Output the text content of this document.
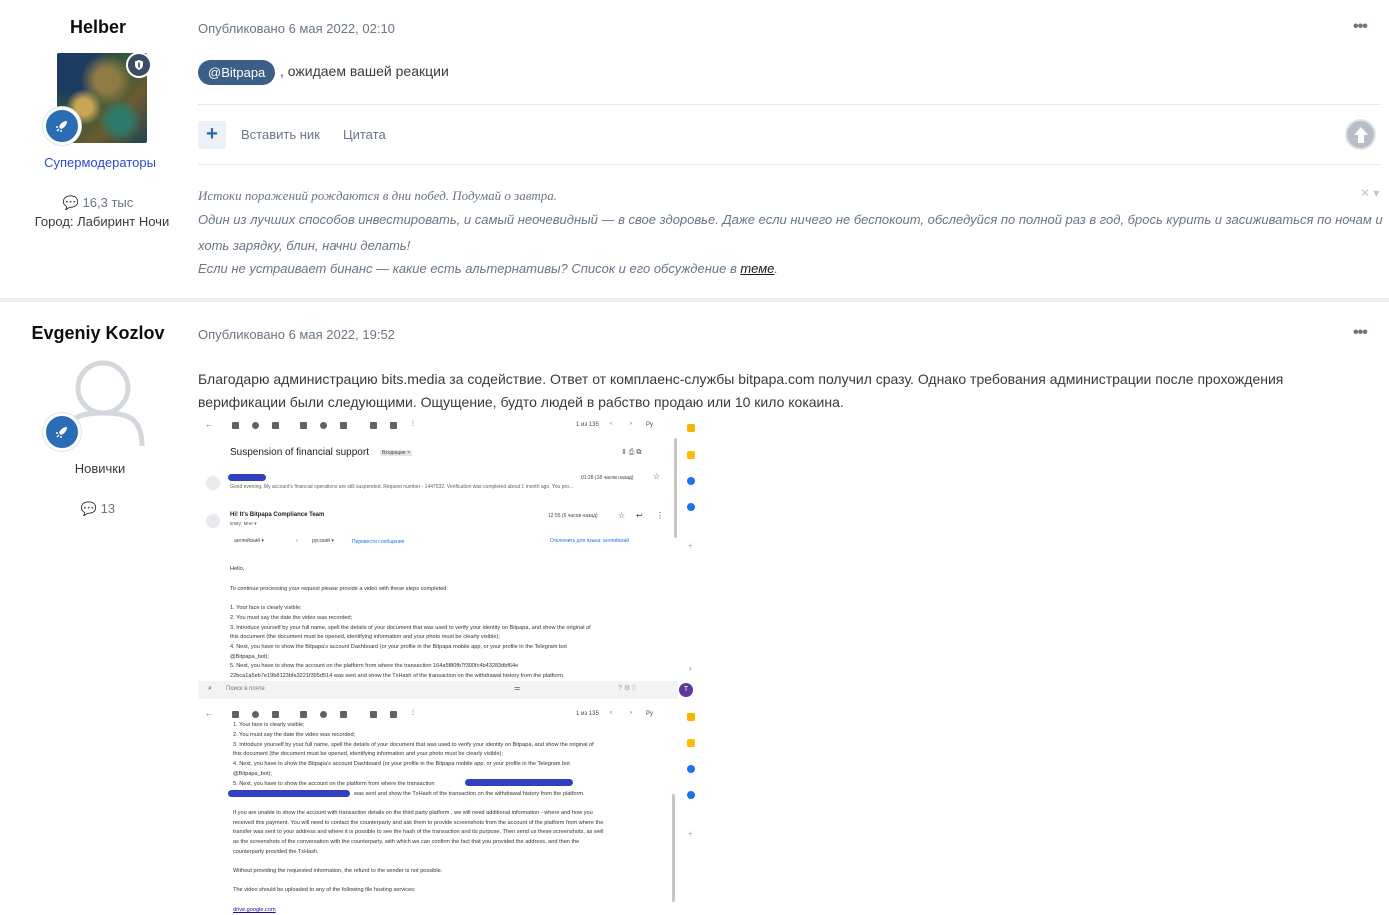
Helber
Супермодераторы
💬 16,3 тыс
Город: Лабиринт Ночи
Опубликовано 6 мая 2022, 02:10	•••
@Bitpapa	, ожидаем вашей реакции
+	Вставить ник Цитата
Истоки поражений рождаются в дни побед. Подумай о завтра.	✕ ▾
Один из лучших способов инвестировать, и самый неочевидный — в свое здоровье. Даже если ничего не беспокоит, обследуйся по полной раз в год, брось курить и засиживаться по ночам и
хоть зарядку, блин, начни делать!
Если не устраивает бинанс — какие есть альтернативы? Список и его обсуждение в теме.
Evgeniy Kozlov
Новички
💬 13
Опубликовано 6 мая 2022, 19:52	•••
Благодарю администрацию bits.media за содействие. Ответ от комплаенс-службы bitpapa.com получил сразу. Однако требования администрации после прохождения
верификации были следующими. Ощущение, будто людей в рабство продаю или 10 кило кокаина.
←	⋮	1 из 135 ‹	› Ру
Suspension of financial support	Входящие ×	⇕ ⎙ ⧉
01:28 (18 часов назад) ☆
Good evening. My account's financial operations are still suspended. Request number - 1447532. Verification was completed about 1 month ago. You pro...
Hi! It's Bitpapa Compliance Team
кому: мне ▾
12:55 (6 часов назад)	☆ ↩ ⋮
английский ▾	›	русский ▾	Перевести сообщение	Отключить для языка: английский
Hello,
To continue processing your request please provide a video with these steps completed:
1. Your face is clearly visible;
2. You must say the date the video was recorded;
3. Introduce yourself by your full name, spell the details of your document that was used to verify your identity on Bitpapa, and show the original of
this document (the document must be opened, identifying information and your photo must be clearly visible);
4. Next, you have to show the Bitpapa's account Dashboard (or your profile in the Bitpapa mobile app, or your profile in the Telegram bot
@Bitpapa_bot);
5. Next, you have to show the account on the platform from where the transaction 164a5f80fb7f300fc4b43283dbf64e
22bca1a5eb7e19b8123bfa3221f395d514 was sent and show the TxHash of the transaction on the withdrawal history from the platform.
⌕ Поиск в почте	⚌	? ⚙ ⁞⁞	T
←	⋮	1 из 135 ‹	› Ру
1. Your face is clearly visible;
2. You must say the date the video was recorded;
3. Introduce yourself by your full name, spell the details of your document that was used to verify your identity on Bitpapa, and show the original of
this document (the document must be opened, identifying information and your photo must be clearly visible);
4. Next, you have to show the Bitpapa's account Dashboard (or your profile in the Bitpapa mobile app, or your profile in the Telegram bot
@Bitpapa_bot);
5. Next, you have to show the account on the platform from where the transaction
was sent and show the TxHash of the transaction on the withdrawal history from the platform.
If you are unable to show the account with transaction details on the third party platform , we will need additional information - where and how you
received this payment. You will need to contact the counterparty and ask them to provide screenshots from the account of the platform from where the
transfer was sent to your address and where it is possible to see the hash of the transaction and its purpose. Then send us these screenshots, as well
as the screenshots of the conversation with the counterparty, with which we can confirm the fact that you provided the address, and then the
counterparty provided the TxHash.
Without providing the requested information, the refund to the sender is not possible.
The video should be uploaded to any of the following file hosting services:
drive.google.com
+
›
+
